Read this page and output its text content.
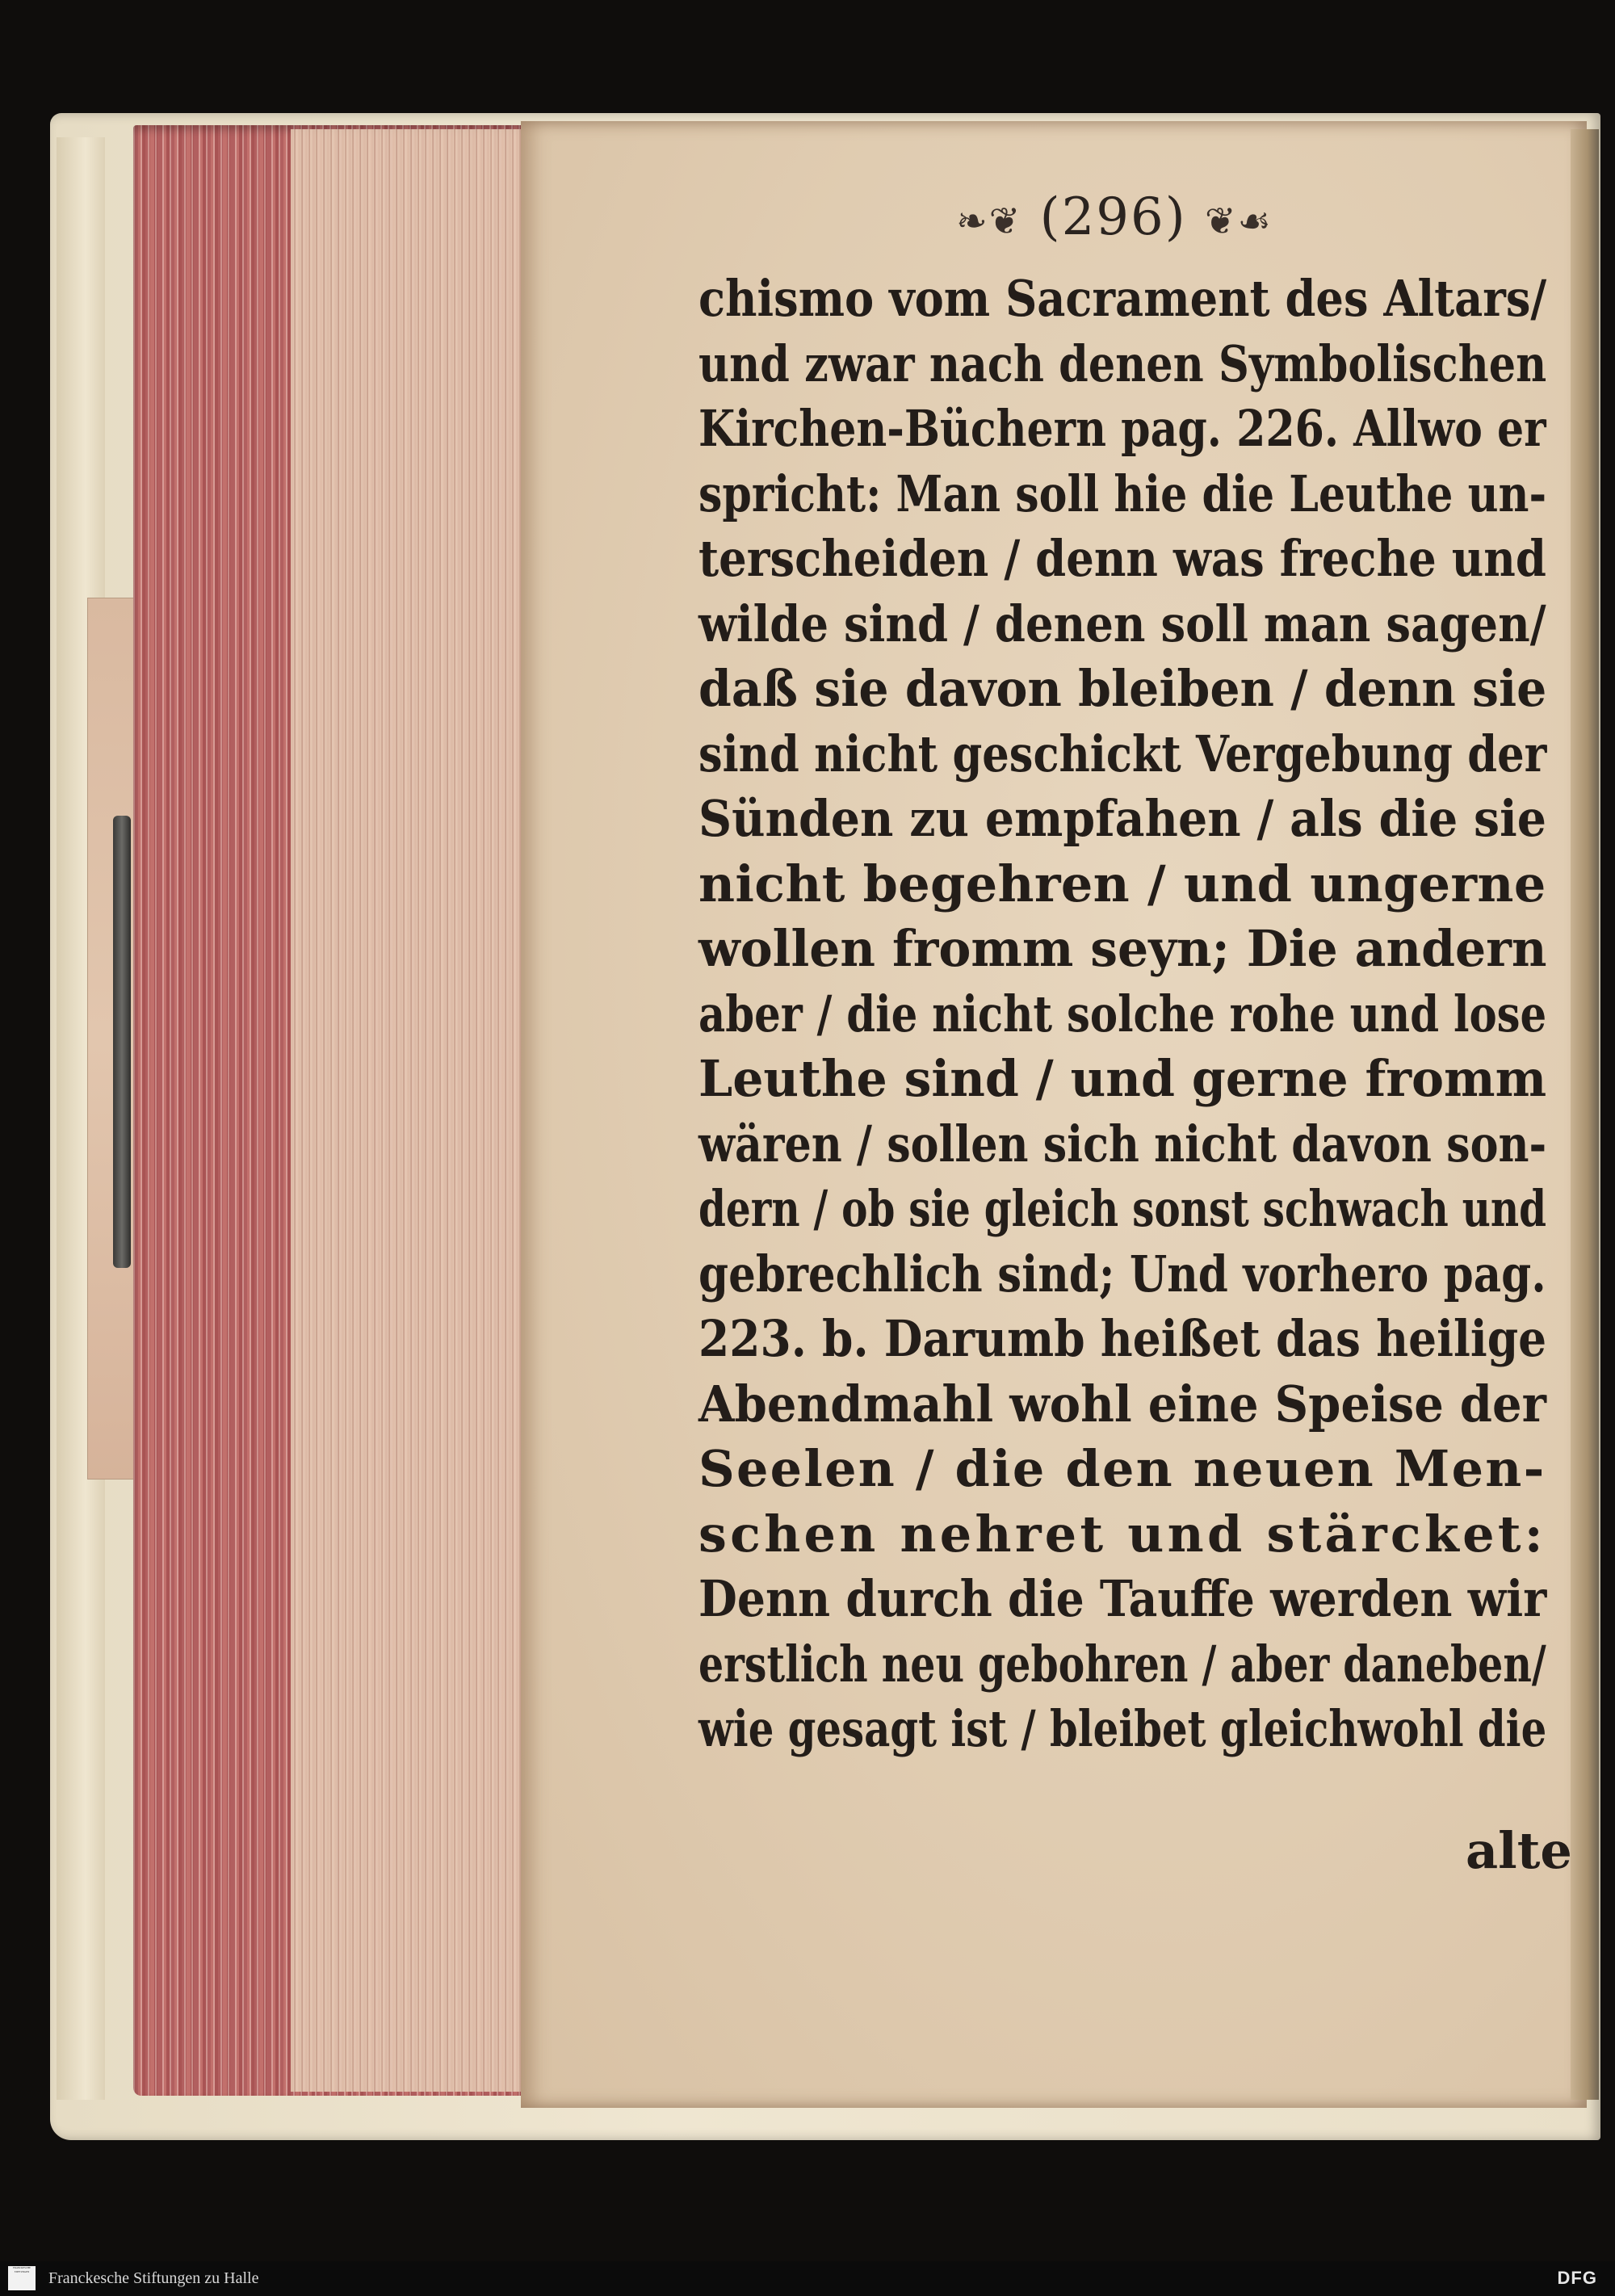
❧❦ (296) ❦☙
chismo vom Sacrament des Altars/
und zwar nach denen Symbolischen
Kirchen-Büchern pag. 226. Allwo er
spricht: Man soll hie die Leuthe un-
terscheiden / denn was freche und
wilde sind / denen soll man sagen/
daß sie davon bleiben / denn sie
sind nicht geschickt Vergebung der
Sünden zu empfahen / als die sie
nicht begehren / und ungerne
wollen fromm seyn; Die andern
aber / die nicht solche rohe und lose
Leuthe sind / und gerne fromm
wären / sollen sich nicht davon son-
dern / ob sie gleich sonst schwach und
gebrechlich sind; Und vorhero pag.
223. b. Darumb heißet das heilige
Abendmahl wohl eine Speise der
Seelen / die den neuen Men-
schen nehret und stärcket:
Denn durch die Tauffe werden wir
erstlich neu gebohren / aber daneben/
wie gesagt ist / bleibet gleichwohl die
alte
FRANCKESCHE STIFTUNGEN	Franckesche Stiftungen zu Halle	DFG
